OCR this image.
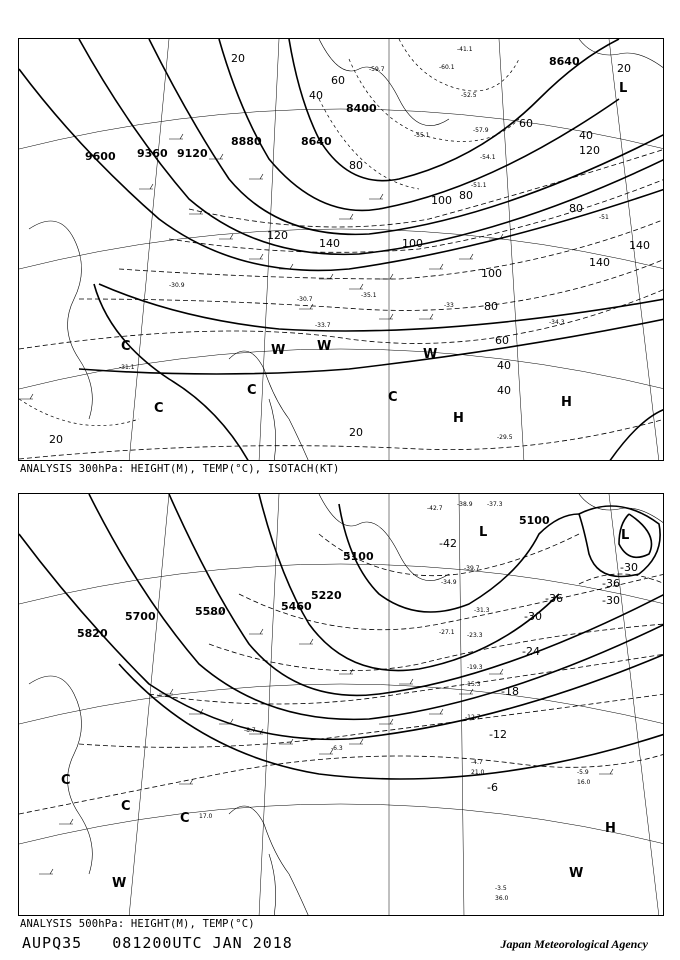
9600 9360 9120
8880	8640
8400
8640
20
40
60
80
100
120
140
80
100
140
20
40
60
80
100
120
140
20
40
20
80
60
40
C
C
C	C
W W
W
H
H
L
-30.9
-31.1
-30.7
-33
-35.1
-34.3
-33.7
-41.1
-52.5
-57.9
-59.7	-60.1
-54.1
-55.1
-51
-51.1
-29.5
ANALYSIS 300hPa: HEIGHT(M), TEMP(°C), ISOTACH(KT)
5820
5700	5580	5460
5220
5100
5100
-42
-36
-30
-24
-18
-12
-6
-36
-30
-30
C
C
C
W
H
W
L	L
-38.9 -37.3
-42.7
-39.7
-34.9
-31.3
-27.1 -23.3
-19.3
-15.3
-12.7
-8.7
-6.3
-4.7
-3.5
-5.9
16.0
21.0
36.0
17.0
ANALYSIS 500hPa: HEIGHT(M), TEMP(°C)
AUPQ35   081200UTC JAN 2018	Japan Meteorological Agency
